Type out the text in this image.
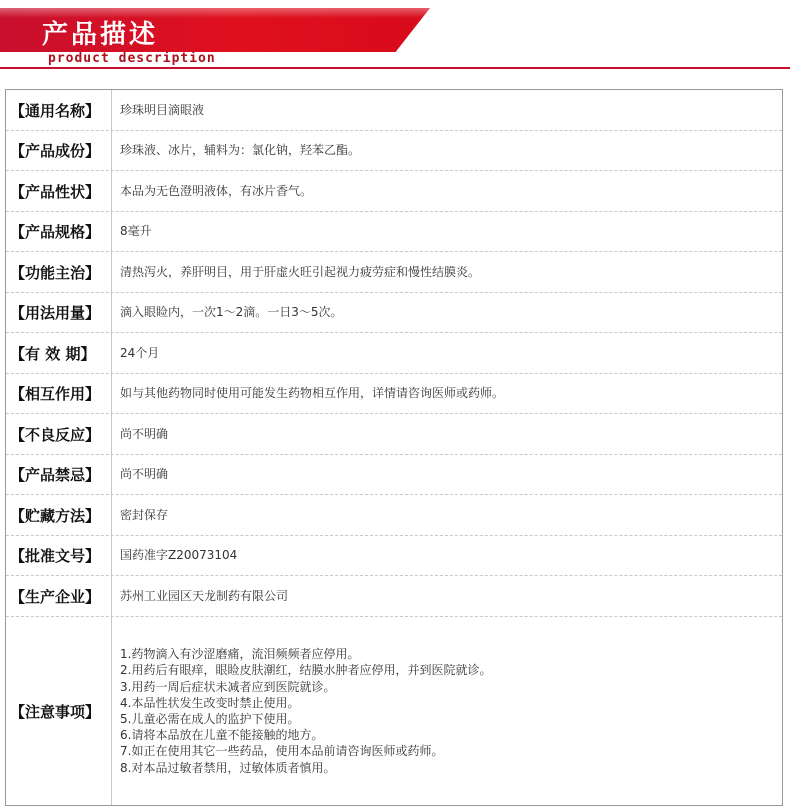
产品描述
product description
【通用名称】	珍珠明目滴眼液
【产品成份】	珍珠液、冰片，辅料为：氯化钠，羟苯乙酯。
【产品性状】	本品为无色澄明液体，有冰片香气。
【产品规格】	8毫升
【功能主治】	清热泻火，养肝明目，用于肝虚火旺引起视力疲劳症和慢性结膜炎。
【用法用量】	滴入眼睑内，一次1～2滴。一日3～5次。
【有 效 期】	24个月
【相互作用】	如与其他药物同时使用可能发生药物相互作用，详情请咨询医师或药师。
【不良反应】	尚不明确
【产品禁忌】	尚不明确
【贮藏方法】	密封保存
【批准文号】	国药准字Z20073104
【生产企业】	苏州工业园区天龙制药有限公司
【注意事项】
1.药物滴入有沙涩磨痛，流泪频频者应停用。
2.用药后有眼痒，眼睑皮肤潮红，结膜水肿者应停用，并到医院就诊。
3.用药一周后症状未减者应到医院就诊。
4.本品性状发生改变时禁止使用。
5.儿童必需在成人的监护下使用。
6.请将本品放在儿童不能接触的地方。
7.如正在使用其它一些药品，使用本品前请咨询医师或药师。
8.对本品过敏者禁用，过敏体质者慎用。
